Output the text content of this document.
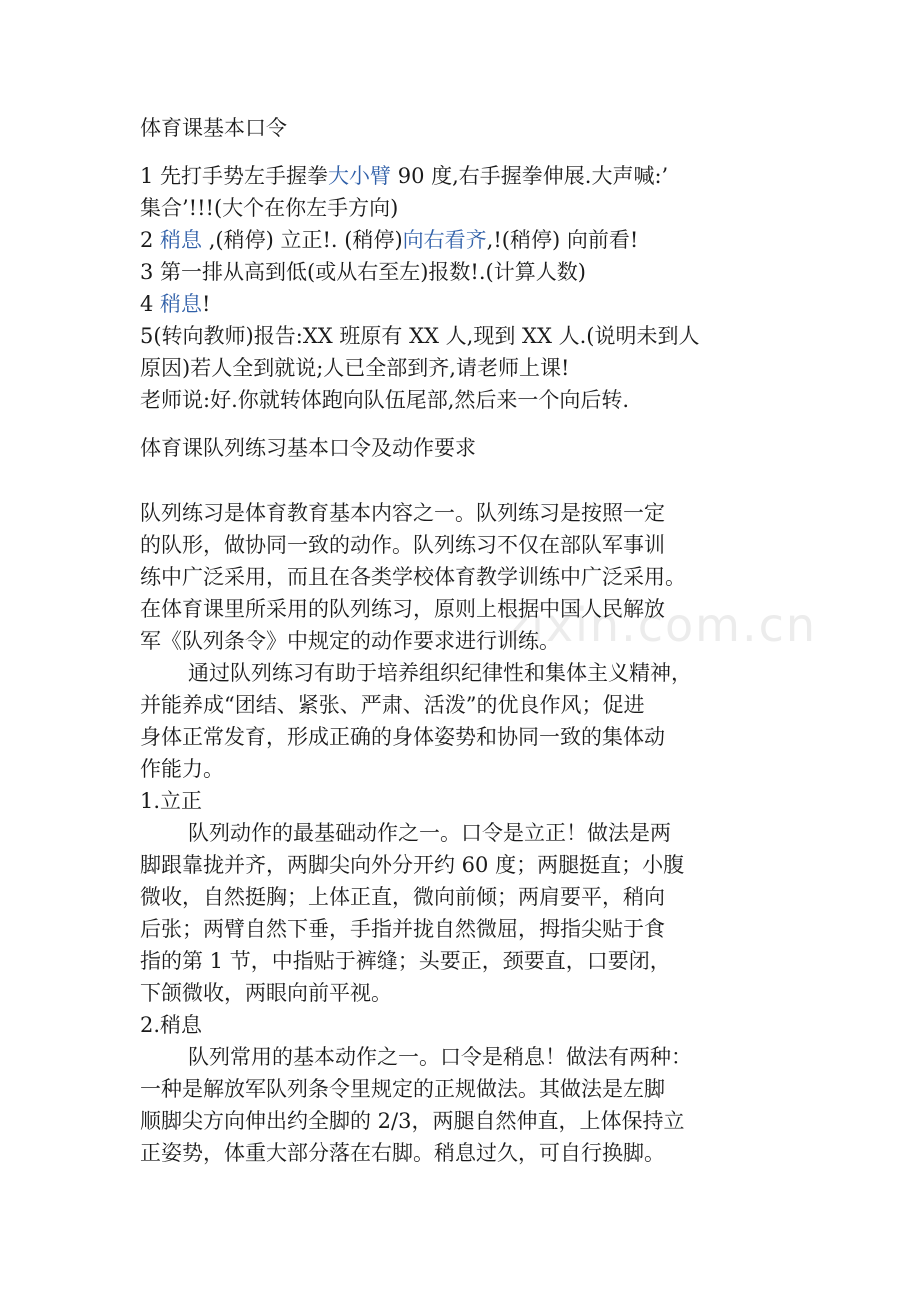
zixin.com.cn
体育课基本口令
1 先打手势左手握拳大小臂 90 度,右手握拳伸展.大声喊:’
集合’!!!(大个在你左手方向)
2 稍息 ,(稍停) 立正!. (稍停)向右看齐,!(稍停) 向前看!
3 第一排从高到低(或从右至左)报数!.(计算人数)
4 稍息!
5(转向教师)报告:XX 班原有 XX 人,现到 XX 人.(说明未到人
原因)若人全到就说;人已全部到齐,请老师上课!
老师说:好.你就转体跑向队伍尾部,然后来一个向后转.
体育课队列练习基本口令及动作要求
队列练习是体育教育基本内容之一。队列练习是按照一定
的队形，做协同一致的动作。队列练习不仅在部队军事训
练中广泛采用，而且在各类学校体育教学训练中广泛采用。
在体育课里所采用的队列练习，原则上根据中国人民解放
军《队列条令》中规定的动作要求进行训练。
通过队列练习有助于培养组织纪律性和集体主义精神，
并能养成“团结、紧张、严肃、活泼”的优良作风；促进
身体正常发育，形成正确的身体姿势和协同一致的集体动
作能力。
1.立正
队列动作的最基础动作之一。口令是立正！做法是两
脚跟靠拢并齐，两脚尖向外分开约 60 度；两腿挺直；小腹
微收，自然挺胸；上体正直，微向前倾；两肩要平，稍向
后张；两臂自然下垂，手指并拢自然微屈，拇指尖贴于食
指的第 1 节，中指贴于裤缝；头要正，颈要直，口要闭，
下颌微收，两眼向前平视。
2.稍息
队列常用的基本动作之一。口令是稍息！做法有两种：
一种是解放军队列条令里规定的正规做法。其做法是左脚
顺脚尖方向伸出约全脚的 2/3，两腿自然伸直，上体保持立
正姿势，体重大部分落在右脚。稍息过久，可自行换脚。
